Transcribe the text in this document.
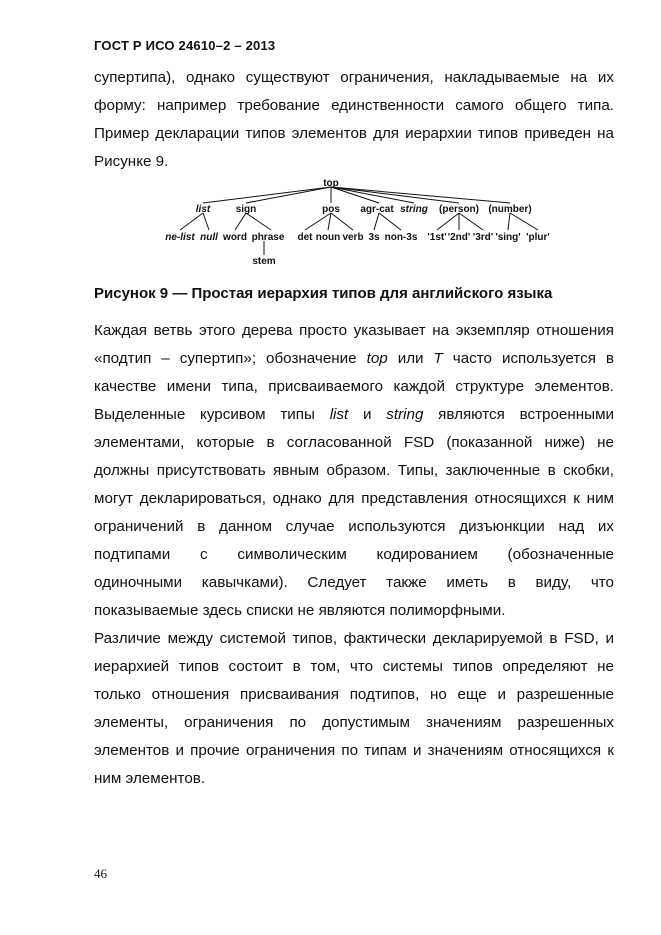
ГОСТ Р ИСО 24610–2 – 2013
супертипа), однако существуют ограничения, накладываемые на их
форму: например требование единственности самого общего типа.
Пример декларации типов элементов для иерархии типов приведен на
Рисунке 9.
top
list	sign	pos agr-cat string (person) (number)
ne-list null word phrase det noun verb 3s non-3s '1st' '2nd' '3rd' 'sing' 'plur'
stem
Рисунок 9 — Простая иерархия типов для английского языка
Каждая ветвь этого дерева просто указывает на экземпляр отношения
«подтип – супертип»; обозначение top или T часто используется в
качестве имени типа, присваиваемого каждой структуре элементов.
Выделенные курсивом типы list и string являются встроенными
элементами, которые в согласованной FSD (показанной ниже) не
должны присутствовать явным образом. Типы, заключенные в скобки,
могут декларироваться, однако для представления относящихся к ним
ограничений в данном случае используются дизъюнкции над их
подтипами с символическим кодированием (обозначенные
одиночными кавычками). Следует также иметь в виду, что
показываемые здесь списки не являются полиморфными.
Различие между системой типов, фактически декларируемой в FSD, и
иерархией типов состоит в том, что системы типов определяют не
только отношения присваивания подтипов, но еще и разрешенные
элементы, ограничения по допустимым значениям разрешенных
элементов и прочие ограничения по типам и значениям относящихся к
ним элементов.
46
